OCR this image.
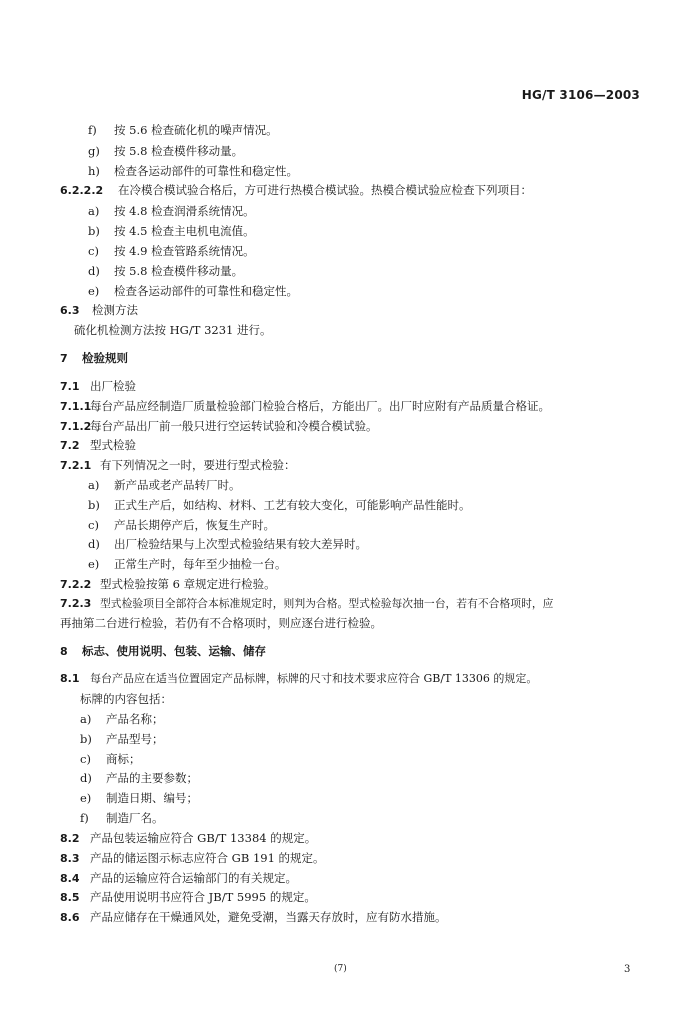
HG/T 3106—2003
f) 按 5.6 检查硫化机的噪声情况。
g) 按 5.8 检查模件移动量。
h) 检查各运动部件的可靠性和稳定性。
6.2.2.2 在冷模合模试验合格后，方可进行热模合模试验。热模合模试验应检查下列项目：
a) 按 4.8 检查润滑系统情况。
b) 按 4.5 检查主电机电流值。
c) 按 4.9 检查管路系统情况。
d) 按 5.8 检查模件移动量。
e) 检查各运动部件的可靠性和稳定性。
6.3 检测方法
硫化机检测方法按 HG/T 3231 进行。
7 检验规则
7.1 出厂检验
7.1.1每台产品应经制造厂质量检验部门检验合格后，方能出厂。出厂时应附有产品质量合格证。
7.1.2每台产品出厂前一般只进行空运转试验和冷模合模试验。
7.2 型式检验
7.2.1 有下列情况之一时，要进行型式检验：
a) 新产品或老产品转厂时。
b) 正式生产后，如结构、材料、工艺有较大变化，可能影响产品性能时。
c) 产品长期停产后，恢复生产时。
d) 出厂检验结果与上次型式检验结果有较大差异时。
e) 正常生产时，每年至少抽检一台。
7.2.2 型式检验按第 6 章规定进行检验。
7.2.3 型式检验项目全部符合本标准规定时，则判为合格。型式检验每次抽一台，若有不合格项时，应
再抽第二台进行检验，若仍有不合格项时，则应逐台进行检验。
8 标志、使用说明、包装、运输、储存
8.1 每台产品应在适当位置固定产品标牌，标牌的尺寸和技术要求应符合 GB/T 13306 的规定。
标牌的内容包括：
a) 产品名称；
b) 产品型号；
c) 商标；
d) 产品的主要参数；
e) 制造日期、编号；
f) 制造厂名。
8.2 产品包装运输应符合 GB/T 13384 的规定。
8.3 产品的储运图示标志应符合 GB 191 的规定。
8.4 产品的运输应符合运输部门的有关规定。
8.5 产品使用说明书应符合 JB/T 5995 的规定。
8.6 产品应储存在干燥通风处，避免受潮，当露天存放时，应有防水措施。
(7)	3
